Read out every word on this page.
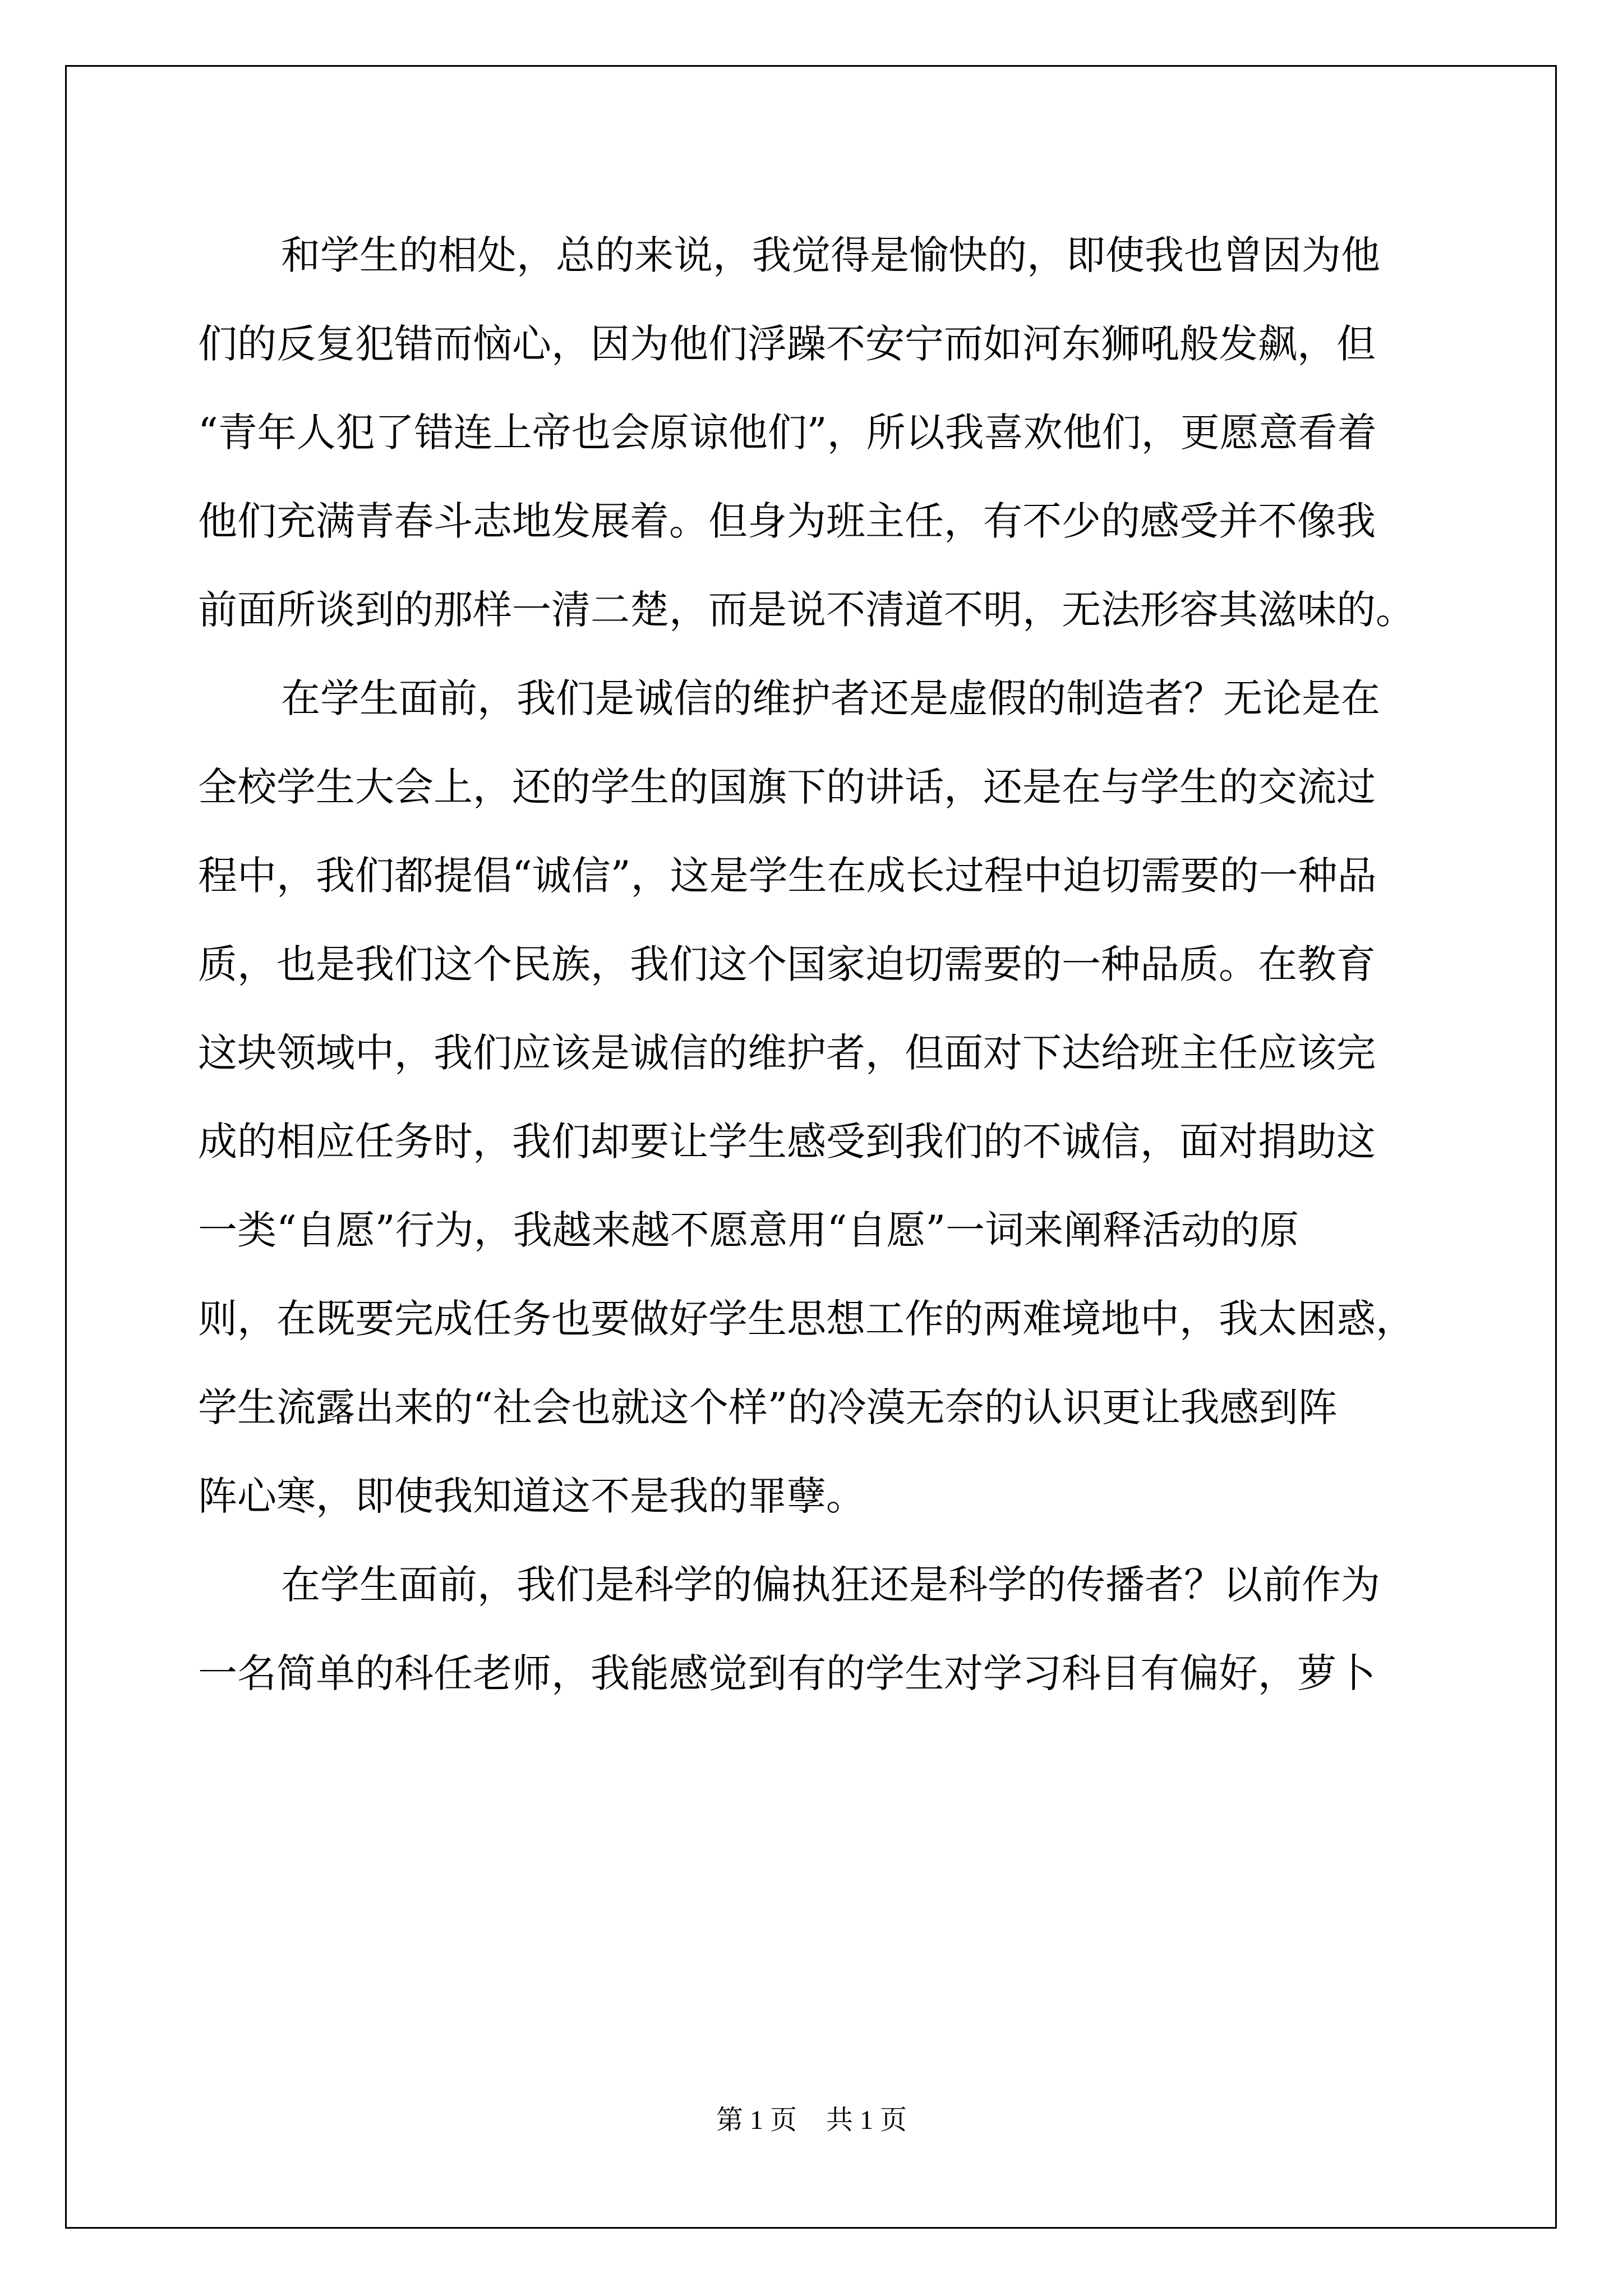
和学生的相处，总的来说，我觉得是愉快的，即使我也曾因为他
们的反复犯错而恼心，因为他们浮躁不安宁而如河东狮吼般发飙，但
“青年人犯了错连上帝也会原谅他们”，所以我喜欢他们，更愿意看着
他们充满青春斗志地发展着。但身为班主任，有不少的感受并不像我
前面所谈到的那样一清二楚，而是说不清道不明，无法形容其滋味的。
在学生面前，我们是诚信的维护者还是虚假的制造者？无论是在
全校学生大会上，还的学生的国旗下的讲话，还是在与学生的交流过
程中，我们都提倡“诚信”，这是学生在成长过程中迫切需要的一种品
质，也是我们这个民族，我们这个国家迫切需要的一种品质。在教育
这块领域中，我们应该是诚信的维护者，但面对下达给班主任应该完
成的相应任务时，我们却要让学生感受到我们的不诚信，面对捐助这
一类“自愿”行为，我越来越不愿意用“自愿”一词来阐释活动的原
则，在既要完成任务也要做好学生思想工作的两难境地中，我太困惑，
学生流露出来的“社会也就这个样”的冷漠无奈的认识更让我感到阵
阵心寒，即使我知道这不是我的罪孽。
在学生面前，我们是科学的偏执狂还是科学的传播者？以前作为
一名简单的科任老师，我能感觉到有的学生对学习科目有偏好，萝卜
第 1 页 共 1 页
